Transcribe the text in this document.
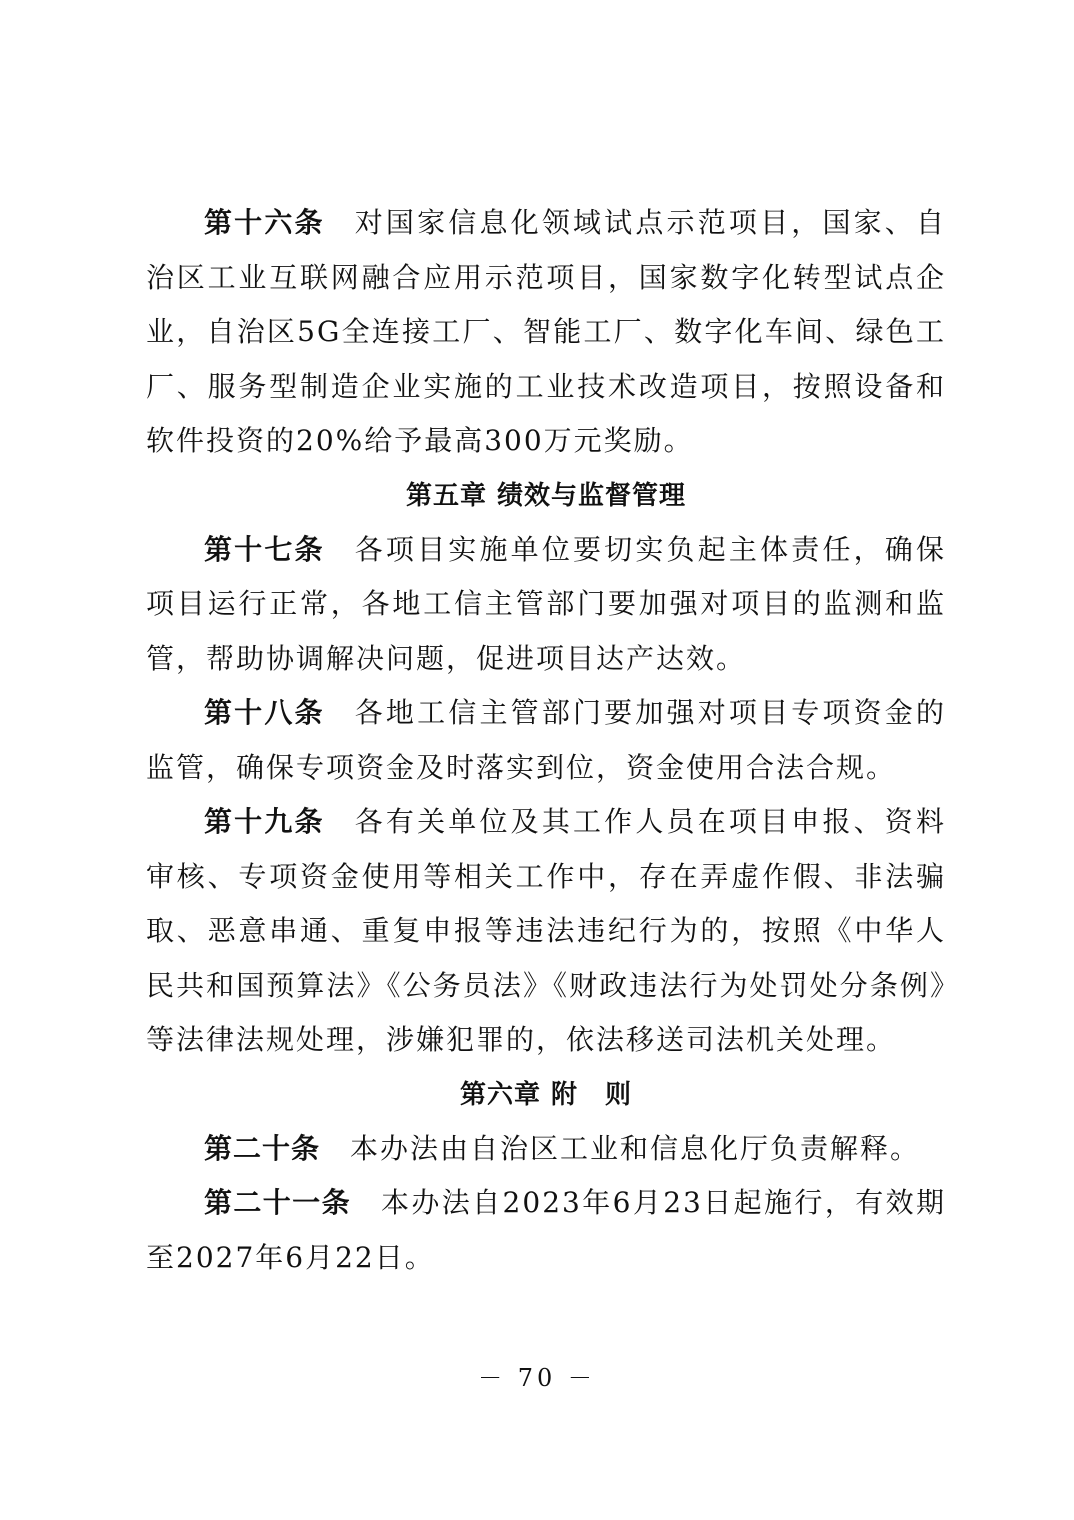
第十六条 对国家信息化领域试点示范项目，国家、自治区工业互联网融合应用示范项目，国家数字化转型试点企业，自治区5G全连接工厂、智能工厂、数字化车间、绿色工厂、服务型制造企业实施的工业技术改造项目，按照设备和软件投资的20%给予最高300万元奖励。

第五章 绩效与监督管理

第十七条 各项目实施单位要切实负起主体责任，确保项目运行正常，各地工信主管部门要加强对项目的监测和监管，帮助协调解决问题，促进项目达产达效。

第十八条 各地工信主管部门要加强对项目专项资金的监管，确保专项资金及时落实到位，资金使用合法合规。

第十九条 各有关单位及其工作人员在项目申报、资料审核、专项资金使用等相关工作中，存在弄虚作假、非法骗取、恶意串通、重复申报等违法违纪行为的，按照《中华人民共和国预算法》《公务员法》《财政违法行为处罚处分条例》等法律法规处理，涉嫌犯罪的，依法移送司法机关处理。

第六章 附　则

第二十条 本办法由自治区工业和信息化厅负责解释。

第二十一条 本办法自2023年6月23日起施行，有效期至2027年6月22日。

－ 70 －
